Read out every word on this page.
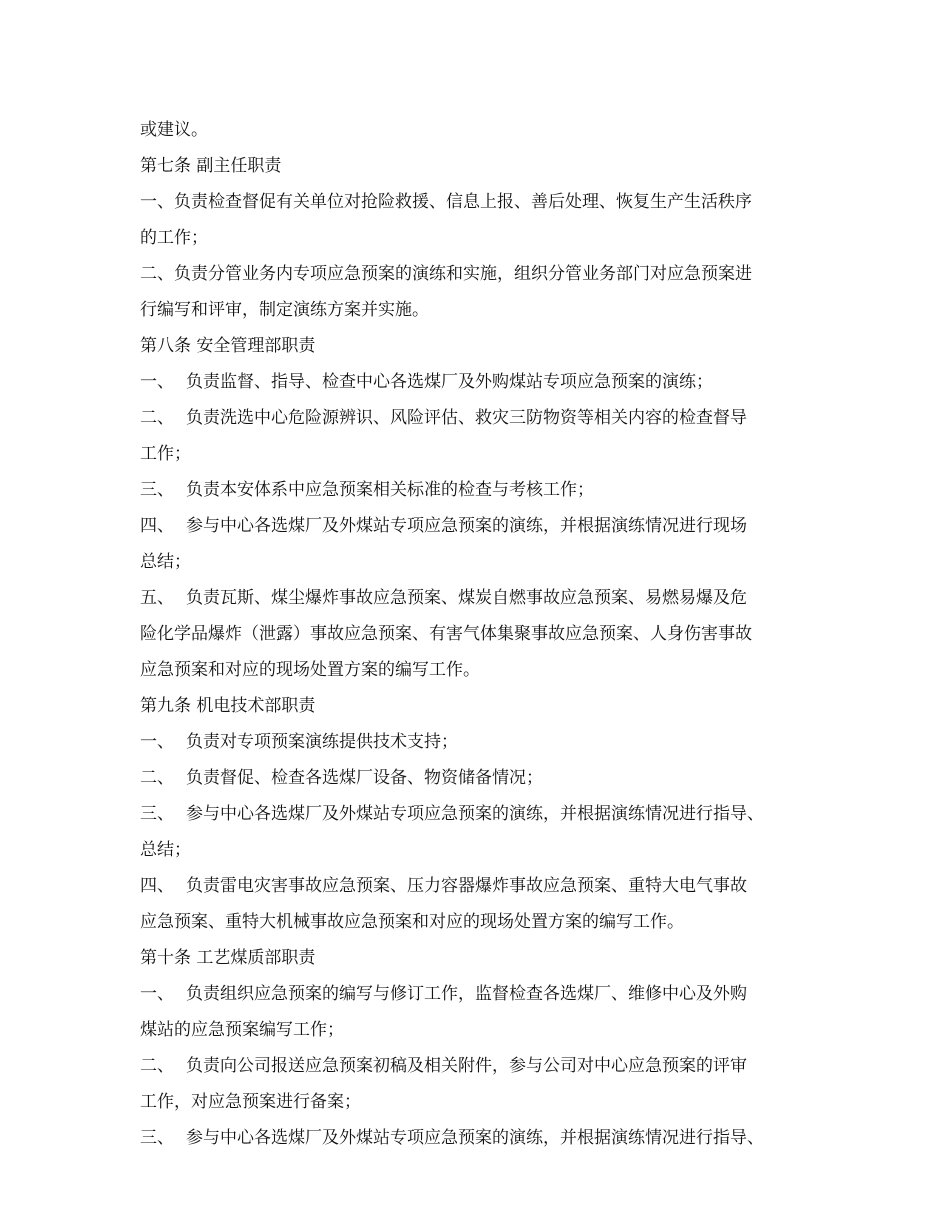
或建议。
第七条 副主任职责
一、负责检查督促有关单位对抢险救援、信息上报、善后处理、恢复生产生活秩序
的工作；
二、负责分管业务内专项应急预案的演练和实施，组织分管业务部门对应急预案进
行编写和评审，制定演练方案并实施。
第八条 安全管理部职责
一、 负责监督、指导、检查中心各选煤厂及外购煤站专项应急预案的演练；
二、 负责洗选中心危险源辨识、风险评估、救灾三防物资等相关内容的检查督导
工作；
三、 负责本安体系中应急预案相关标准的检查与考核工作；
四、 参与中心各选煤厂及外煤站专项应急预案的演练，并根据演练情况进行现场
总结；
五、 负责瓦斯、煤尘爆炸事故应急预案、煤炭自燃事故应急预案、易燃易爆及危
险化学品爆炸（泄露）事故应急预案、有害气体集聚事故应急预案、人身伤害事故
应急预案和对应的现场处置方案的编写工作。
第九条 机电技术部职责
一、 负责对专项预案演练提供技术支持；
二、 负责督促、检查各选煤厂设备、物资储备情况；
三、 参与中心各选煤厂及外煤站专项应急预案的演练，并根据演练情况进行指导、
总结；
四、 负责雷电灾害事故应急预案、压力容器爆炸事故应急预案、重特大电气事故
应急预案、重特大机械事故应急预案和对应的现场处置方案的编写工作。
第十条 工艺煤质部职责
一、 负责组织应急预案的编写与修订工作，监督检查各选煤厂、维修中心及外购
煤站的应急预案编写工作；
二、 负责向公司报送应急预案初稿及相关附件，参与公司对中心应急预案的评审
工作，对应急预案进行备案；
三、 参与中心各选煤厂及外煤站专项应急预案的演练，并根据演练情况进行指导、
